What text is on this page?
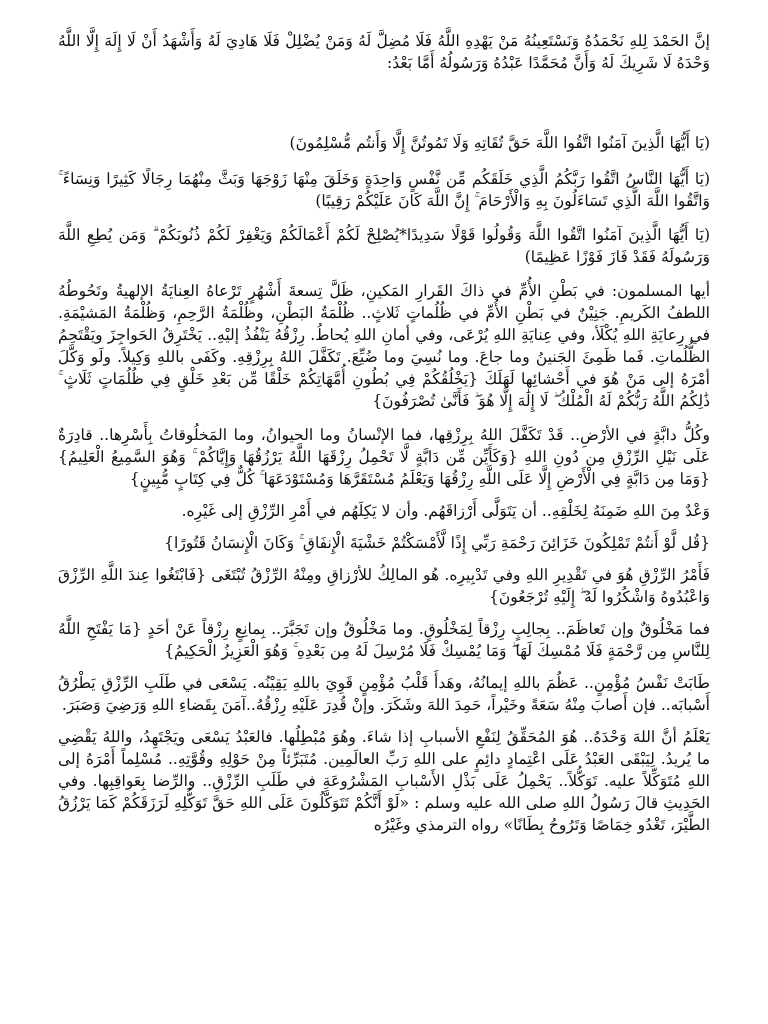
إنَّ الحَمْدَ لِلهِ نَحْمَدُهُ وَنَسْتَعِينُهُ مَنْ يَهْدِهِ اللَّهُ فَلَا مُضِلَّ لَهُ وَمَنْ يُضْلِلْ فَلَا هَادِيَ لَهُ وَأَشْهَدُ أَنْ لَا إِلَهَ إِلَّا اللَّهُ وَحْدَهُ لَا شَرِيكَ لَهُ وَأَنَّ مُحَمَّدًا عَبْدُهُ وَرَسُولُهُ أَمَّا بَعْدُ:

(يَا أَيُّهَا الَّذِينَ آمَنُوا اتَّقُوا اللَّهَ حَقَّ تُقَاتِهِ وَلَا تَمُوتُنَّ إِلَّا وَأَنتُم مُّسْلِمُونَ)

(يَا أَيُّهَا النَّاسُ اتَّقُوا رَبَّكُمُ الَّذِي خَلَقَكُم مِّن نَّفْسٍ وَاحِدَةٍ وَخَلَقَ مِنْهَا زَوْجَهَا وَبَثَّ مِنْهُمَا رِجَالًا كَثِيرًا وَنِسَاءً ۚ وَاتَّقُوا اللَّهَ الَّذِي تَسَاءَلُونَ بِهِ وَالْأَرْحَامَ ۚ إِنَّ اللَّهَ كَانَ عَلَيْكُمْ رَقِيبًا)

(يَا أَيُّهَا الَّذِينَ آمَنُوا اتَّقُوا اللَّهَ وَقُولُوا قَوْلًا سَدِيدًا*يُصْلِحْ لَكُمْ أَعْمَالَكُمْ وَيَغْفِرْ لَكُمْ ذُنُوبَكُمْ ۗ وَمَن يُطِعِ اللَّهَ وَرَسُولَهُ فَقَدْ فَازَ فَوْزًا عَظِيمًا)

أيها المسلمون: في بَطْنِ الأُمِّ في ذاكَ القَرارِ المَكينِ، ظَلَّ تِسعةَ أَشْهُرٍ تَرْعاهُ العِنايَةُ الإلهيةُ وتَحُوطُهُ اللطفُ الكَريمِ. جَنِيْنٌ في بَطْنِ الأُمِّ في ظُلُماتٍ ثَلاثٍ.. ظُلْمَةُ البَطْنِ، وظُلْمَةُ الرَّحِمِ، وَظُلْمَةُ المَشيْمَةِ. في رِعايَةِ اللهِ يُكْلَأ، وفي عِنايَةِ اللهِ يُرْعَى، وفي أمانِ اللهِ يُحاطُ. رِزْقُهُ يَنْفُذُ إليْهِ.. يَخْتَرِقُ الحَواجِزَ ويَقْتَحِمُ الظُّلُماتِ. فَما ظَمِئَ الجَنينُ وما جاعَ. وما نُسِيَ وما ضُيِّعَ. تَكَفَّلَ اللهُ بِرِزْقِهِ. وكَفَى باللهِ وَكِيلاً. ولَو وَكَّلَ أمْرَهُ إلى مَنْ هُوَ في أَحْشائِها لَهَلَكَ {يَخْلُقُكُمْ فِي بُطُونِ أُمَّهَاتِكُمْ خَلْقًا مِّن بَعْدِ خَلْقٍ فِي ظُلُمَاتٍ ثَلَاثٍ ۚ ذَٰلِكُمُ اللَّهُ رَبُّكُمْ لَهُ الْمُلْكُ ۖ لَا إِلَٰهَ إِلَّا هُوَ ۖ فَأَنَّىٰ تُصْرَفُونَ}

وكُلُّ دابَّةٍ في الأرْضِ.. قَدْ تَكَفَّلَ اللهُ بِرِزْقِها، فما الإنْسانُ وما الحيوانُ، وما المَخلُوقاتُ بِأَسْرِها.. قادِرَةٌ عَلَى نَيْلِ الرِّزْقِ مِن دُونِ اللهِ {وَكَأَيِّن مِّن دَابَّةٍ لَّا تَحْمِلُ رِزْقَهَا اللَّهُ يَرْزُقُهَا وَإِيَّاكُمْ ۚ وَهُوَ السَّمِيعُ الْعَلِيمُ} {وَمَا مِن دَابَّةٍ فِي الْأَرْضِ إِلَّا عَلَى اللَّهِ رِزْقُهَا وَيَعْلَمُ مُسْتَقَرَّهَا وَمُسْتَوْدَعَهَا ۚ كُلٌّ فِي كِتَابٍ مُّبِينٍ}

وَعْدٌ مِنَ اللهِ ضَمِنَهُ لِخَلْقِهِ.. أن يَتَوَلَّى أَرْزاقَهُم. وأن لا يَكِلَهُم في أَمْرِ الرِّزْقِ إلى غَيْرِه.

{قُل لَّوْ أَنتُمْ تَمْلِكُونَ خَزَائِنَ رَحْمَةِ رَبِّي إِذًا لَّأَمْسَكْتُمْ خَشْيَةَ الْإِنفَاقِ ۚ وَكَانَ الْإِنسَانُ قَتُورًا}

فَأَمْرُ الرِّزْقِ هُوَ في تَقْدِيرِ اللهِ وفي تَدْبِيرِه. هُو المالِكُ للأرْزاقِ ومِنْهُ الرِّزْقُ تُبْتَغَى {فَابْتَغُوا عِندَ اللَّهِ الرِّزْقَ وَاعْبُدُوهُ وَاشْكُرُوا لَهُ ۖ إِلَيْهِ تُرْجَعُونَ}

فما مَخْلُوقٌ وإن تَعاظَمَ.. بِجالِبٍ رِزْقاً لِمَخْلُوقٍ. وما مَخْلُوقٌ وإن تَجَبَّرَ.. بِمانِعٍ رِزْقاً عَنْ أحَدٍ {مَا يَفْتَحِ اللَّهُ لِلنَّاسِ مِن رَّحْمَةٍ فَلَا مُمْسِكَ لَهَا ۖ وَمَا يُمْسِكْ فَلَا مُرْسِلَ لَهُ مِن بَعْدِهِ ۚ وَهُوَ الْعَزِيزُ الْحَكِيمُ}

طَابَتْ نَفْسُ مُؤْمِنٍ.. عَظُمَ باللهِ إيمانُهُ، وهَدأَ قَلْبُ مُؤْمِنٍ قَوِيَ باللهِ يَقِيْنُه. يَسْعَى في طَلَبِ الرِّزْقِ يَطْرُقُ أَسْبابَه.. فإن أَصابَ مِنْهُ سَعَةً وخَيْراً، حَمِدَ اللهَ وشَكَرَ. وإنْ قُدِرَ عَلَيْهِ رِزْقُهُ..آمَنَ بِقَضاءِ اللهِ وَرَضِيَ وَصَبَرَ.

يَعْلَمُ أنَّ اللهَ وَحْدَهُ.. هُوَ المُحَقِّقُ لِنَفْعِ الأسبابِ إذا شاءَ. وهُوَ مُبْطِلُها. فالعَبْدُ يَسْعَى ويَجْتَهِدُ، واللهُ يَقْضِي ما يُريدُ. لِيَبْقَى العَبْدُ عَلَى اعْتِمادٍ دائِمٍ على اللهِ رَبِّ العالَمِين. مُتَبَرِّئاً مِنْ حَوْلِهِ وقُوَّتِهِ.. مُسْلِماً أَمْرَهُ إلى اللهِ مُتَوَكِّلاً عليه. تَوَكُّلاً.. يَحْمِلُ عَلَى بَذْلِ الأَسْبابِ المَشْرُوعَةِ في طَلَبِ الرِّزْقِ.. والرِّضا بِعَواقِبِها. وفي الحَدِيثِ قالَ رَسُولُ اللهِ صلى الله عليه وسلم : «لَوْ أَنَّكُمْ تَتَوَكَّلُونَ عَلَى اللهِ حَقَّ تَوَكُّلِهِ لَرَزَقَكُمْ كَمَا يَرْزُقُ الطَّيْرَ، تَغْدُو خِمَاصًا وَتَرُوحُ بِطَانًا» رواه الترمذي وغَيْرُه
